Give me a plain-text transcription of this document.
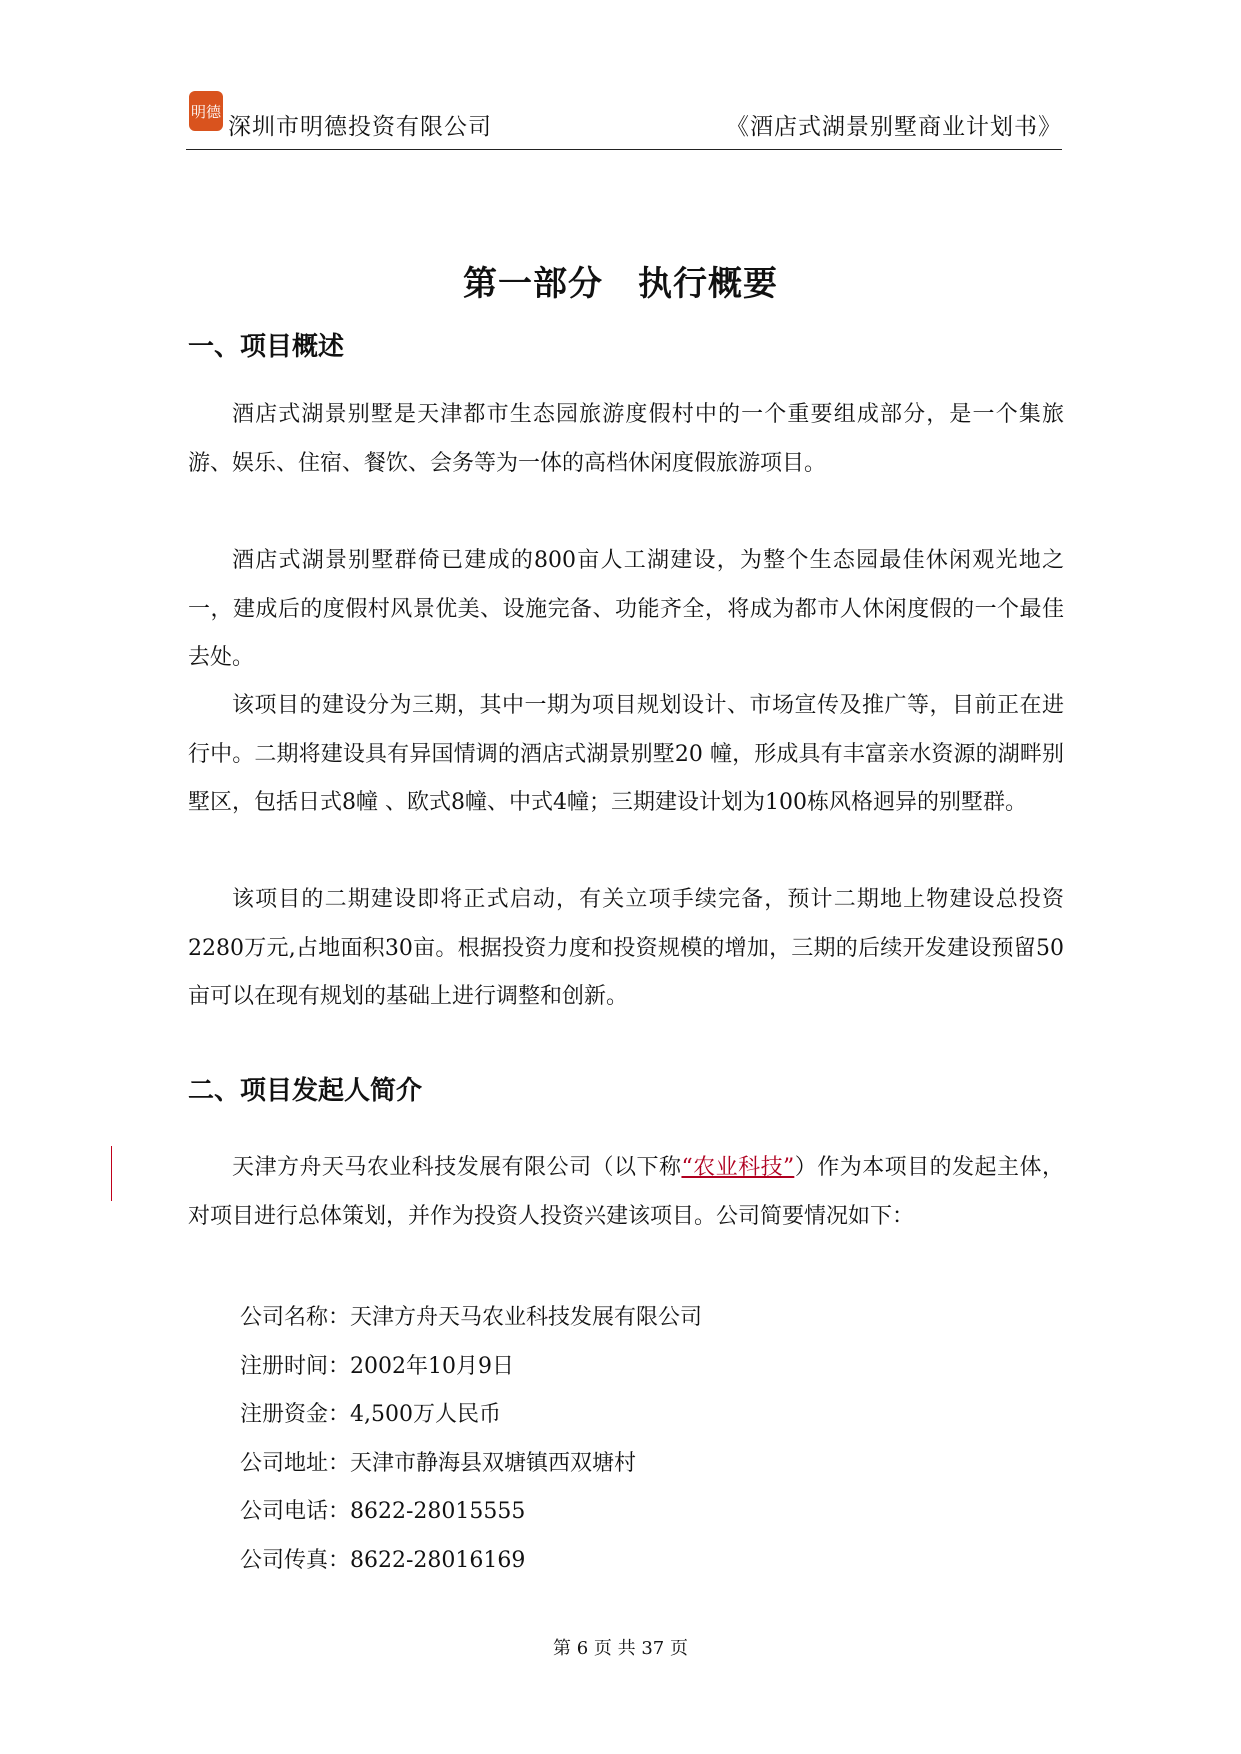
明德
深圳市明德投资有限公司	《酒店式湖景别墅商业计划书》
第一部分　执行概要
一、项目概述

酒店式湖景别墅是天津都市生态园旅游度假村中的一个重要组成部分，是一个集旅游、娱乐、住宿、餐饮、会务等为一体的高档休闲度假旅游项目。

酒店式湖景别墅群倚已建成的800亩人工湖建设，为整个生态园最佳休闲观光地之一，建成后的度假村风景优美、设施完备、功能齐全，将成为都市人休闲度假的一个最佳去处。

该项目的建设分为三期，其中一期为项目规划设计、市场宣传及推广等，目前正在进行中。二期将建设具有异国情调的酒店式湖景别墅20 幢，形成具有丰富亲水资源的湖畔别墅区，包括日式8幢 、欧式8幢、中式4幢；三期建设计划为100栋风格迥异的别墅群。

该项目的二期建设即将正式启动，有关立项手续完备，预计二期地上物建设总投资2280万元,占地面积30亩。根据投资力度和投资规模的增加，三期的后续开发建设预留50亩可以在现有规划的基础上进行调整和创新。

二、项目发起人简介

天津方舟天马农业科技发展有限公司（以下称“农业科技”）作为本项目的发起主体，对项目进行总体策划，并作为投资人投资兴建该项目。公司简要情况如下：

公司名称：天津方舟天马农业科技发展有限公司
注册时间：2002年10月9日
注册资金：4,500万人民币
公司地址：天津市静海县双塘镇西双塘村
公司电话：8622-28015555
公司传真：8622-28016169
第 6 页 共 37 页
